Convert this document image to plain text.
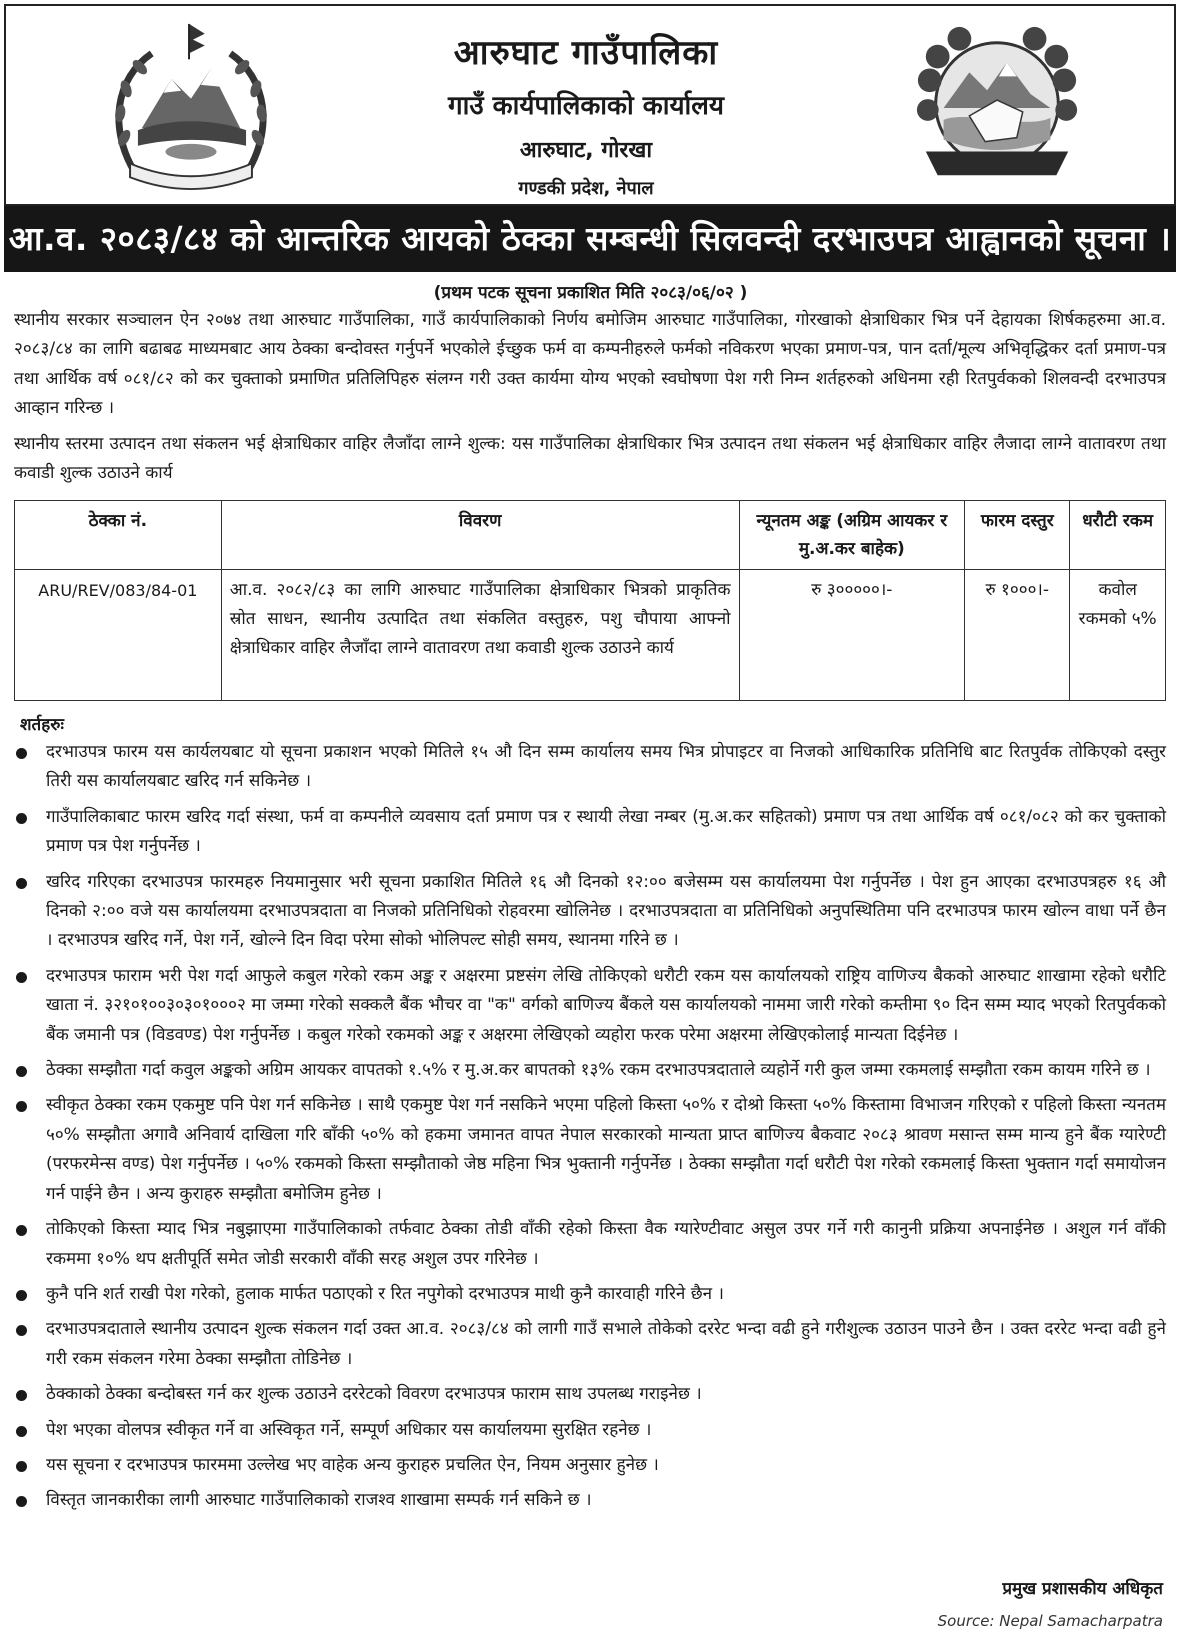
आरुघाट गाउँपालिका
गाउँ कार्यपालिकाको कार्यालय
आरुघाट, गोरखा
गण्डकी प्रदेश, नेपाल
आ.व. २०८३/८४ को आन्तरिक आयको ठेक्का सम्बन्धी सिलवन्दी दरभाउपत्र आह्वानको सूचना ।
(प्रथम पटक सूचना प्रकाशित मिति २०८३/०६/०२ )
स्थानीय सरकार सञ्चालन ऐन २०७४ तथा आरुघाट गाउँपालिका, गाउँ कार्यपालिकाको निर्णय बमोजिम आरुघाट गाउँपालिका, गोरखाको क्षेत्राधिकार भित्र पर्ने देहायका शिर्षकहरुमा आ.व. २०८३/८४ का लागि बढाबढ माध्यमबाट आय ठेक्का बन्दोवस्त गर्नुपर्ने भएकोले ईच्छुक फर्म वा कम्पनीहरुले फर्मको नविकरण भएका प्रमाण-पत्र, पान दर्ता/मूल्य अभिवृद्धिकर दर्ता प्रमाण-पत्र तथा आर्थिक वर्ष ०८१/८२ को कर चुक्ताको प्रमाणित प्रतिलिपिहरु संलग्न गरी उक्त कार्यमा योग्य भएको स्वघोषणा पेश गरी निम्न शर्तहरुको अधिनमा रही रितपुर्वकको शिलवन्दी दरभाउपत्र आव्हान गरिन्छ ।
स्थानीय स्तरमा उत्पादन तथा संकलन भई क्षेत्राधिकार वाहिर लैजाँदा लाग्ने शुल्क: यस गाउँपालिका क्षेत्राधिकार भित्र उत्पादन तथा संकलन भई क्षेत्राधिकार वाहिर लैजादा लाग्ने वातावरण तथा कवाडी शुल्क उठाउने कार्य
ठेक्का नं.	विवरण	न्यूनतम अङ्क (अग्रिम आयकर र मु.अ.कर बाहेक)	फारम दस्तुर	धरौटी रकम
ARU/REV/083/84-01	आ.व. २०८२/८३ का लागि आरुघाट गाउँपालिका क्षेत्राधिकार भित्रको प्राकृतिक स्रोत साधन, स्थानीय उत्पादित तथा संकलित वस्तुहरु, पशु चौपाया आफ्नो क्षेत्राधिकार वाहिर लैजाँदा लाग्ने वातावरण तथा कवाडी शुल्क उठाउने कार्य	रु ३०००००।-	रु १०००।-	कवोल रकमको ५%
शर्तहरुः
दरभाउपत्र फारम यस कार्यलयबाट यो सूचना प्रकाशन भएको मितिले १५ औ दिन सम्म कार्यालय समय भित्र प्रोपाइटर वा निजको आधिकारिक प्रतिनिधि बाट रितपुर्वक तोकिएको दस्तुर तिरी यस कार्यालयबाट खरिद गर्न सकिनेछ ।
गाउँपालिकाबाट फारम खरिद गर्दा संस्था, फर्म वा कम्पनीले व्यवसाय दर्ता प्रमाण पत्र र स्थायी लेखा नम्बर (मु.अ.कर सहितको) प्रमाण पत्र तथा आर्थिक वर्ष ०८१/०८२ को कर चुक्ताको प्रमाण पत्र पेश गर्नुपर्नेछ ।
खरिद गरिएका दरभाउपत्र फारमहरु नियमानुसार भरी सूचना प्रकाशित मितिले १६ औ दिनको १२:०० बजेसम्म यस कार्यालयमा पेश गर्नुपर्नेछ । पेश हुन आएका दरभाउपत्रहरु १६ औ दिनको २:०० वजे यस कार्यालयमा दरभाउपत्रदाता वा निजको प्रतिनिधिको रोहवरमा खोलिनेछ । दरभाउपत्रदाता वा प्रतिनिधिको अनुपस्थितिमा पनि दरभाउपत्र फारम खोल्न वाधा पर्ने छैन । दरभाउपत्र खरिद गर्ने, पेश गर्ने, खोल्ने दिन विदा परेमा सोको भोलिपल्ट सोही समय, स्थानमा गरिने छ ।
दरभाउपत्र फाराम भरी पेश गर्दा आफुले कबुल गरेको रकम अङ्क र अक्षरमा प्रष्टसंग लेखि तोकिएको धरौटी रकम यस कार्यालयको राष्ट्रिय वाणिज्य बैकको आरुघाट शाखामा रहेको धरौटि खाता नं. ३२१०१००३०३०१०००२ मा जम्मा गरेको सक्कलै बैंक भौचर वा "क" वर्गको बाणिज्य बैंकले यस कार्यालयको नाममा जारी गरेको कम्तीमा ९० दिन सम्म म्याद भएको रितपुर्वकको बैंक जमानी पत्र (विडवण्ड) पेश गर्नुपर्नेछ । कबुल गरेको रकमको अङ्क र अक्षरमा लेखिएको व्यहोरा फरक परेमा अक्षरमा लेखिएकोलाई मान्यता दिईनेछ ।
ठेक्का सम्झौता गर्दा कवुल अङ्कको अग्रिम आयकर वापतको १.५% र मु.अ.कर बापतको १३% रकम दरभाउपत्रदाताले व्यहोर्ने गरी कुल जम्मा रकमलाई सम्झौता रकम कायम गरिने छ ।
स्वीकृत ठेक्का रकम एकमुष्ट पनि पेश गर्न सकिनेछ । साथै एकमुष्ट पेश गर्न नसकिने भएमा पहिलो किस्ता ५०% र दोश्रो किस्ता ५०% किस्तामा विभाजन गरिएको र पहिलो किस्ता न्यनतम ५०% सम्झौता अगावै अनिवार्य दाखिला गरि बाँकी ५०% को हकमा जमानत वापत नेपाल सरकारको मान्यता प्राप्त बाणिज्य बैकवाट २०८३ श्रावण मसान्त सम्म मान्य हुने बैंक ग्यारेण्टी (परफरमेन्स वण्ड) पेश गर्नुपर्नेछ । ५०% रकमको किस्ता सम्झौताको जेष्ठ महिना भित्र भुक्तानी गर्नुपर्नेछ । ठेक्का सम्झौता गर्दा धरौटी पेश गरेको रकमलाई किस्ता भुक्तान गर्दा समायोजन गर्न पाईने छैन । अन्य कुराहरु सम्झौता बमोजिम हुनेछ ।
तोकिएको किस्ता म्याद भित्र नबुझाएमा गाउँपालिकाको तर्फवाट ठेक्का तोडी वाँकी रहेको किस्ता वैक ग्यारेण्टीवाट असुल उपर गर्ने गरी कानुनी प्रक्रिया अपनाईनेछ । अशुल गर्न वाँकी रकममा १०% थप क्षतीपूर्ति समेत जोडी सरकारी वाँकी सरह अशुल उपर गरिनेछ ।
कुनै पनि शर्त राखी पेश गरेको, हुलाक मार्फत पठाएको र रित नपुगेको दरभाउपत्र माथी कुनै कारवाही गरिने छैन ।
दरभाउपत्रदाताले स्थानीय उत्पादन शुल्क संकलन गर्दा उक्त आ.व. २०८३/८४ को लागी गाउँ सभाले तोकेको दररेट भन्दा वढी हुने गरीशुल्क उठाउन पाउने छैन । उक्त दररेट भन्दा वढी हुने गरी रकम संकलन गरेमा ठेक्का सम्झौता तोडिनेछ ।
ठेक्काको ठेक्का बन्दोबस्त गर्न कर शुल्क उठाउने दररेटको विवरण दरभाउपत्र फाराम साथ उपलब्ध गराइनेछ ।
पेश भएका वोलपत्र स्वीकृत गर्ने वा अस्विकृत गर्ने, सम्पूर्ण अधिकार यस कार्यालयमा सुरक्षित रहनेछ ।
यस सूचना र दरभाउपत्र फारममा उल्लेख भए वाहेक अन्य कुराहरु प्रचलित ऐन, नियम अनुसार हुनेछ ।
विस्तृत जानकारीका लागी आरुघाट गाउँपालिकाको राजश्व शाखामा सम्पर्क गर्न सकिने छ ।
प्रमुख प्रशासकीय अधिकृत
Source: Nepal Samacharpatra
